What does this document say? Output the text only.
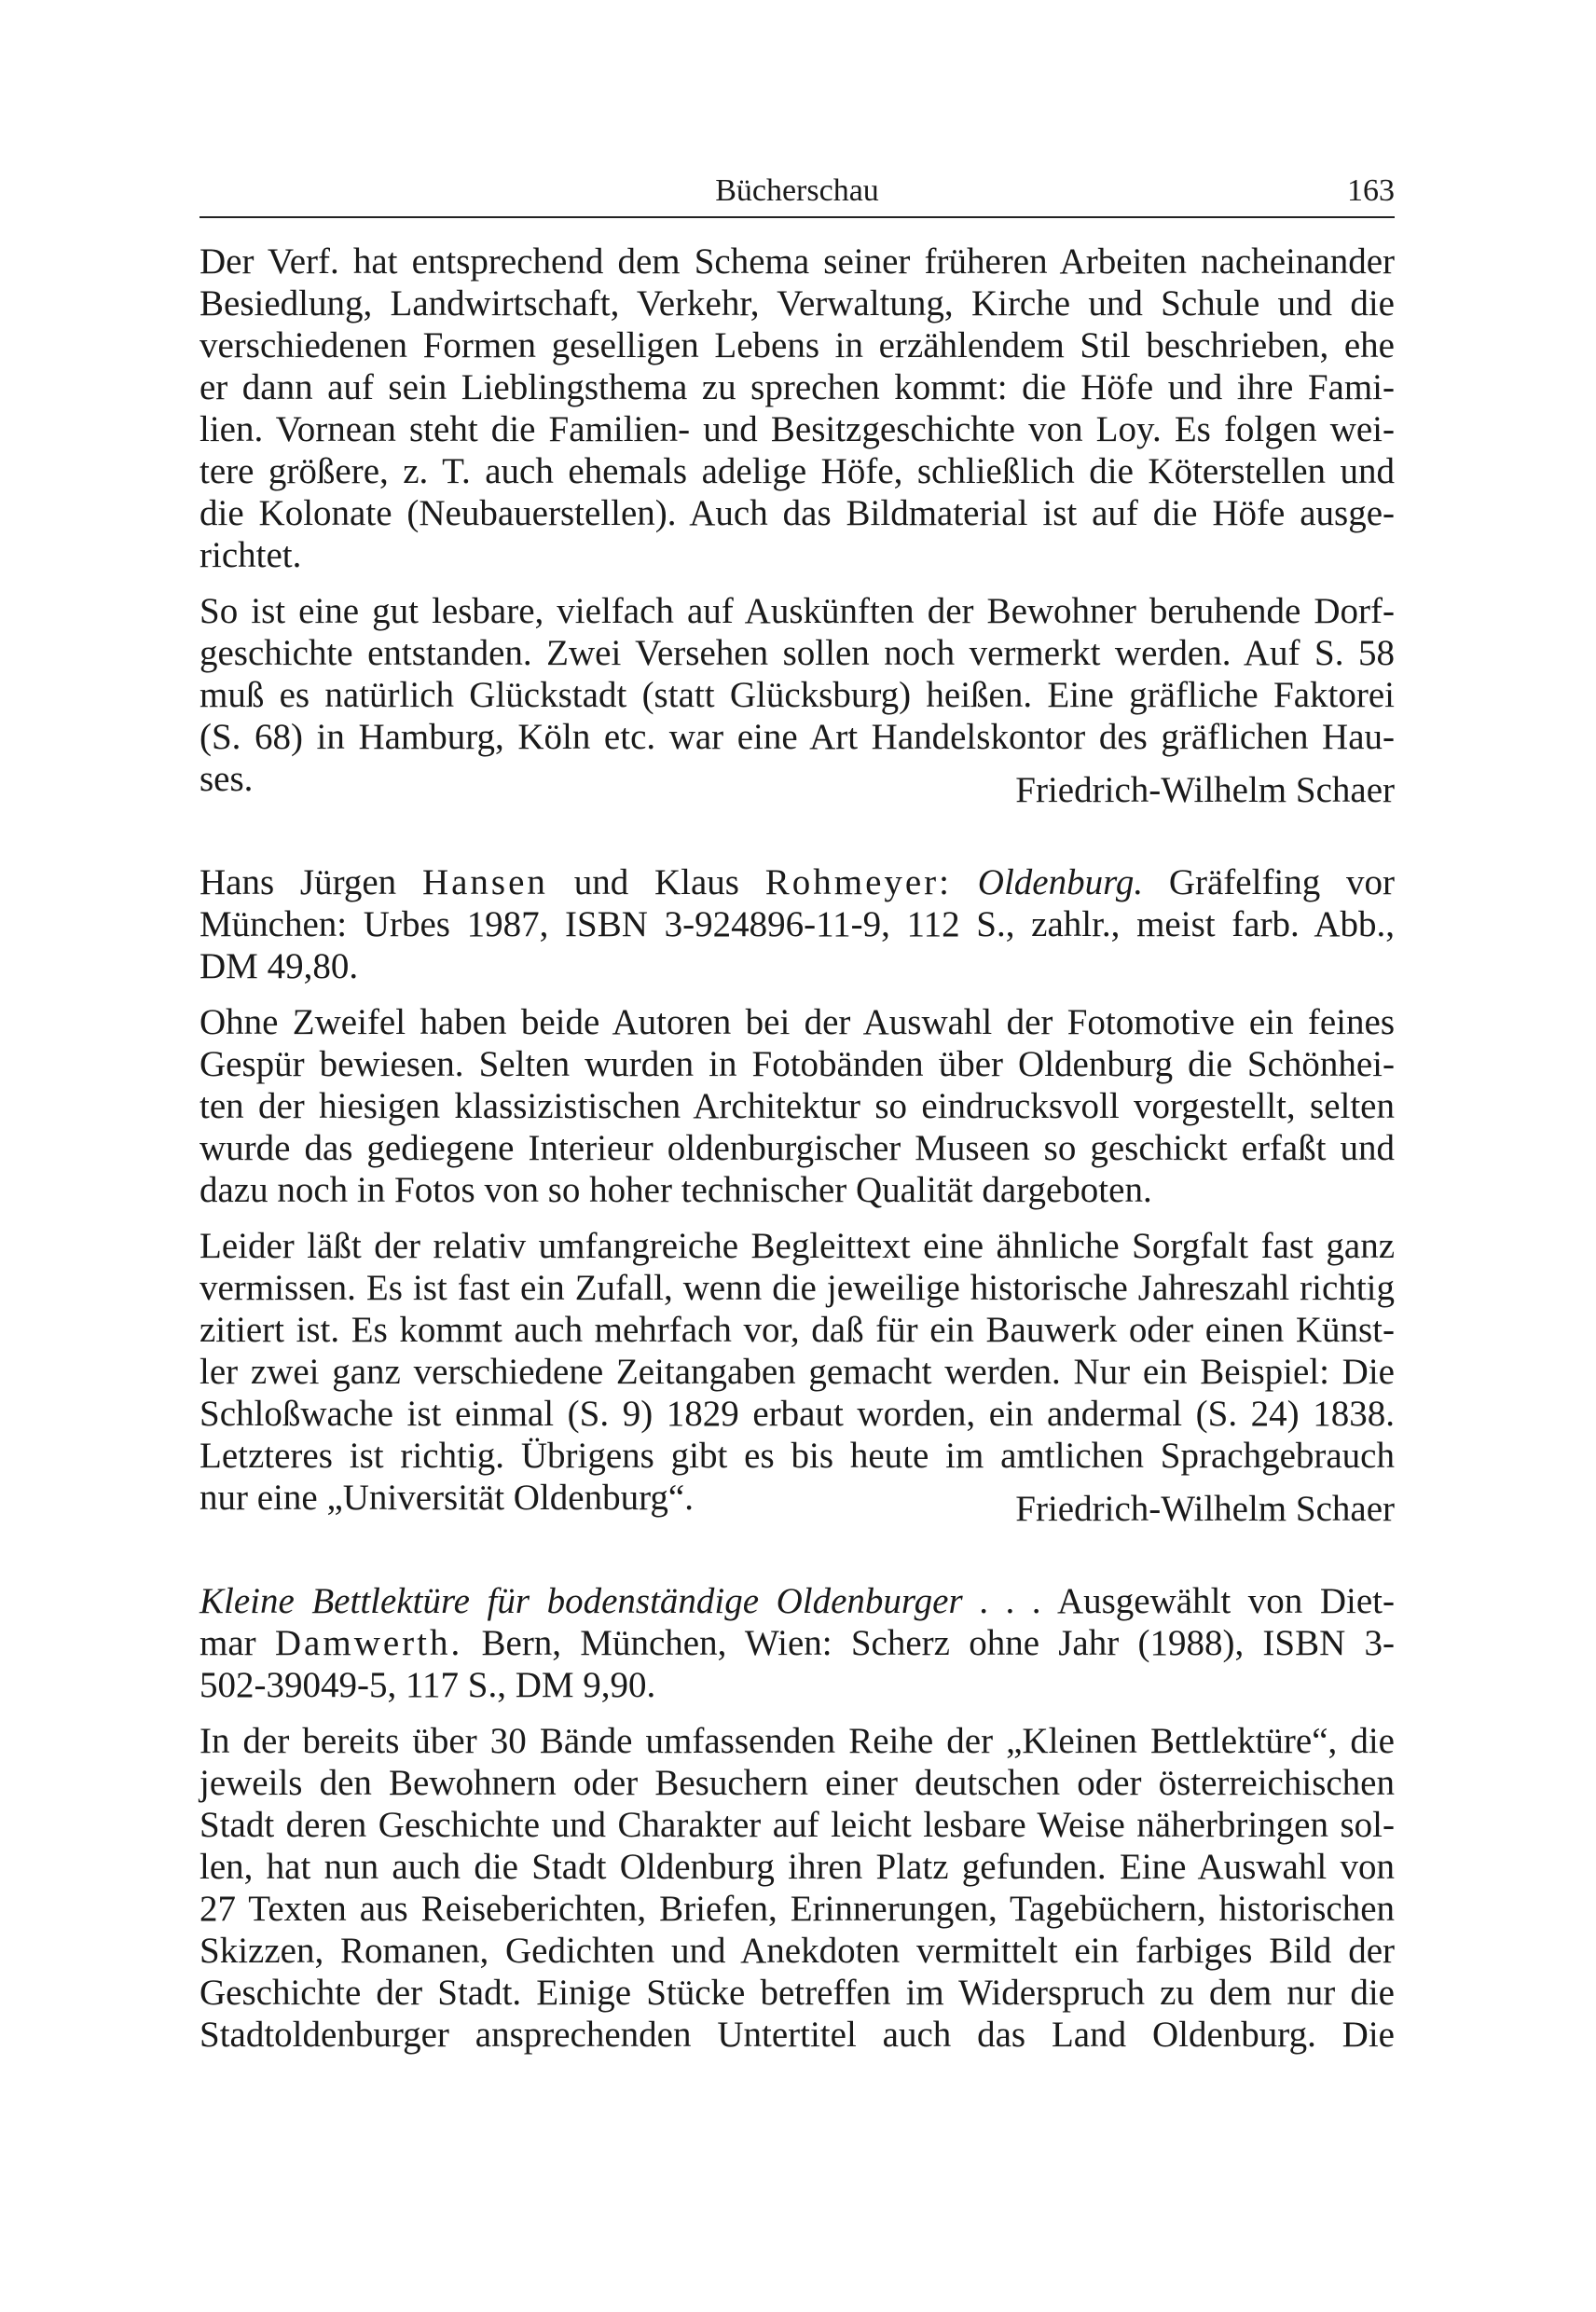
Bücherschau	163
Der Verf. hat entsprechend dem Schema seiner früheren Arbeiten nacheinander
Besiedlung, Landwirtschaft, Verkehr, Verwaltung, Kirche und Schule und die
verschiedenen Formen geselligen Lebens in erzählendem Stil beschrieben, ehe
er dann auf sein Lieblingsthema zu sprechen kommt: die Höfe und ihre Fami-
lien. Vornean steht die Familien- und Besitzgeschichte von Loy. Es folgen wei-
tere größere, z. T. auch ehemals adelige Höfe, schließlich die Köterstellen und
die Kolonate (Neubauerstellen). Auch das Bildmaterial ist auf die Höfe ausge-
richtet.
So ist eine gut lesbare, vielfach auf Auskünften der Bewohner beruhende Dorf-
geschichte entstanden. Zwei Versehen sollen noch vermerkt werden. Auf S. 58
muß es natürlich Glückstadt (statt Glücksburg) heißen. Eine gräfliche Faktorei
(S. 68) in Hamburg, Köln etc. war eine Art Handelskontor des gräflichen Hau-
ses.	Friedrich-Wilhelm Schaer
Hans Jürgen Hansen und Klaus Rohmeyer: Oldenburg. Gräfelfing vor
München: Urbes 1987, ISBN 3-924896-11-9, 112 S., zahlr., meist farb. Abb.,
DM 49,80.
Ohne Zweifel haben beide Autoren bei der Auswahl der Fotomotive ein feines
Gespür bewiesen. Selten wurden in Fotobänden über Oldenburg die Schönhei-
ten der hiesigen klassizistischen Architektur so eindrucksvoll vorgestellt, selten
wurde das gediegene Interieur oldenburgischer Museen so geschickt erfaßt und
dazu noch in Fotos von so hoher technischer Qualität dargeboten.
Leider läßt der relativ umfangreiche Begleittext eine ähnliche Sorgfalt fast ganz
vermissen. Es ist fast ein Zufall, wenn die jeweilige historische Jahreszahl richtig
zitiert ist. Es kommt auch mehrfach vor, daß für ein Bauwerk oder einen Künst-
ler zwei ganz verschiedene Zeitangaben gemacht werden. Nur ein Beispiel: Die
Schloßwache ist einmal (S. 9) 1829 erbaut worden, ein andermal (S. 24) 1838.
Letzteres ist richtig. Übrigens gibt es bis heute im amtlichen Sprachgebrauch
nur eine „Universität Oldenburg“.	Friedrich-Wilhelm Schaer
Kleine Bettlektüre für bodenständige Oldenburger . . . Ausgewählt von Diet-
mar Damwerth. Bern, München, Wien: Scherz ohne Jahr (1988), ISBN 3-
502-39049-5, 117 S., DM 9,90.
In der bereits über 30 Bände umfassenden Reihe der „Kleinen Bettlektüre“, die
jeweils den Bewohnern oder Besuchern einer deutschen oder österreichischen
Stadt deren Geschichte und Charakter auf leicht lesbare Weise näherbringen sol-
len, hat nun auch die Stadt Oldenburg ihren Platz gefunden. Eine Auswahl von
27 Texten aus Reiseberichten, Briefen, Erinnerungen, Tagebüchern, historischen
Skizzen, Romanen, Gedichten und Anekdoten vermittelt ein farbiges Bild der
Geschichte der Stadt. Einige Stücke betreffen im Widerspruch zu dem nur die
Stadtoldenburger ansprechenden Untertitel auch das Land Oldenburg. Die
